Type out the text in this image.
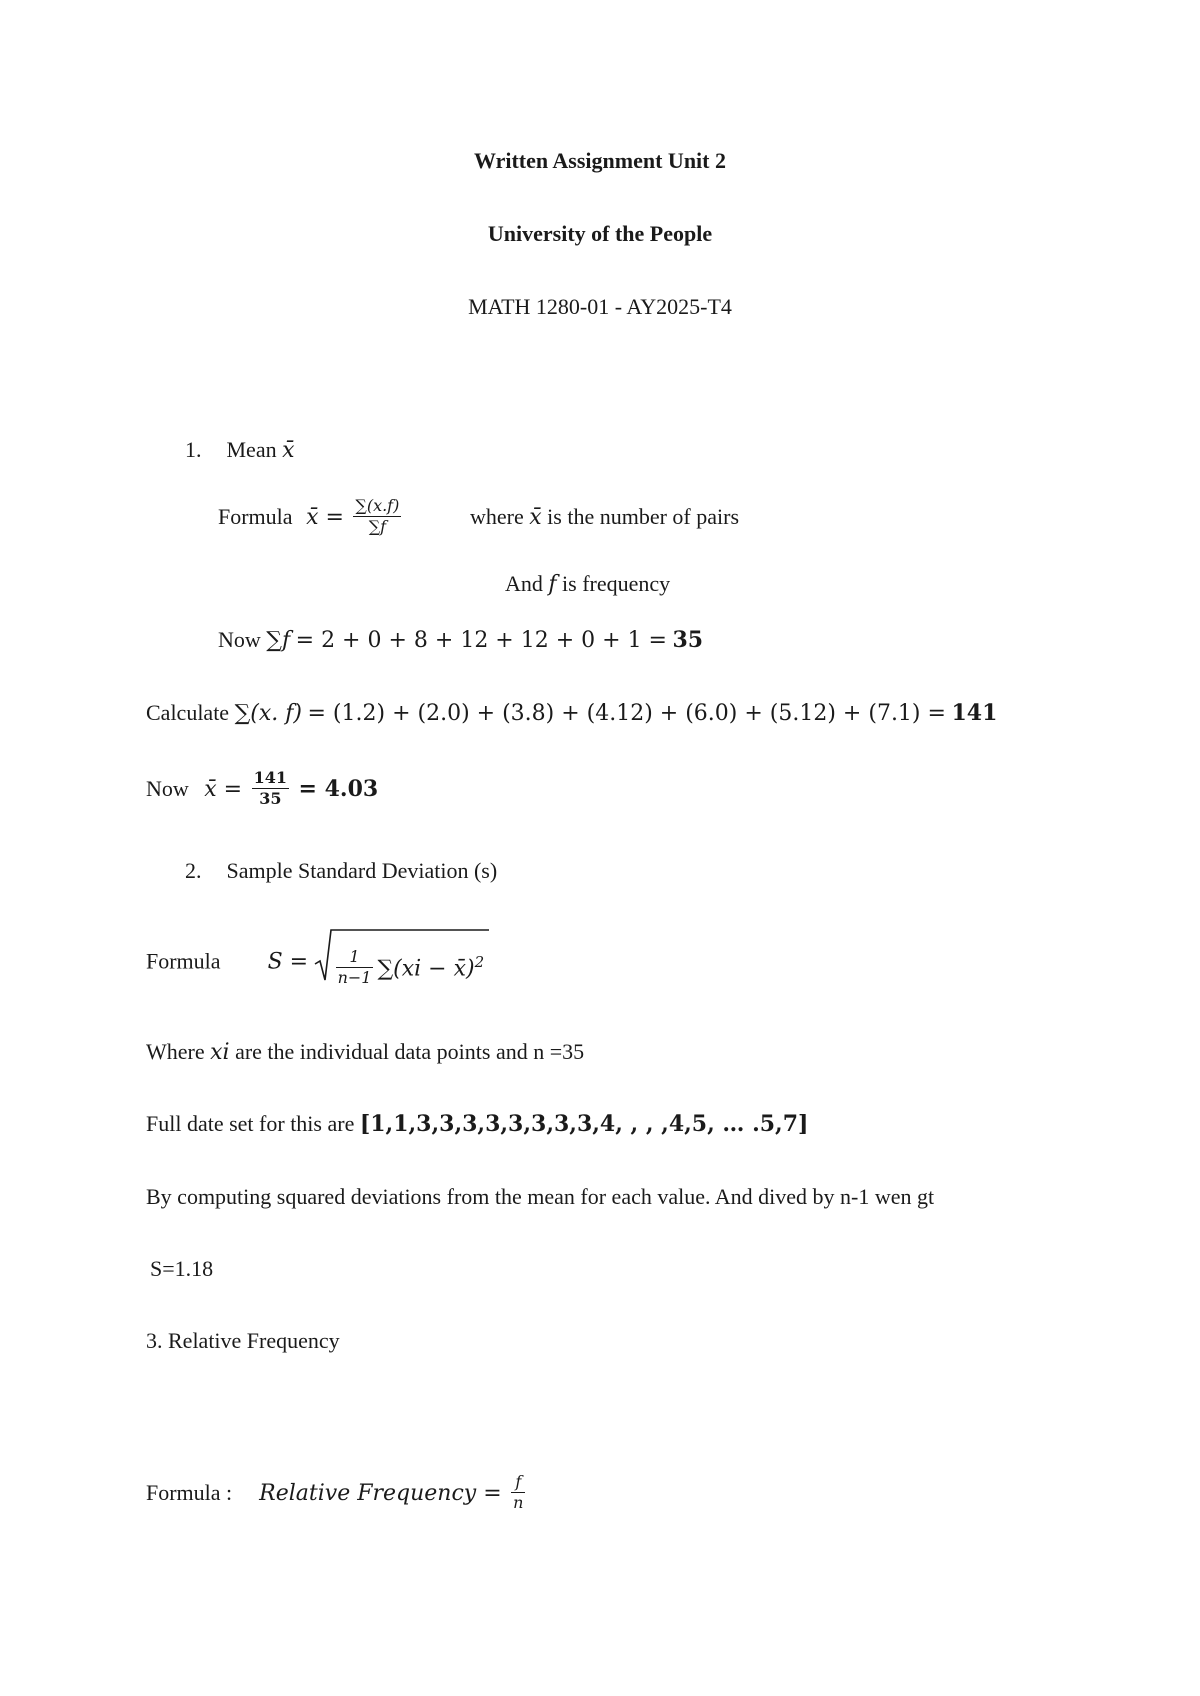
Written Assignment Unit 2
University of the People
MATH 1280-01 - AY2025-T4
1. Mean x̄
Formula x̄ = $\frac{\sum(x.f)}{\sum f}$	where x̄ is the number of pairs
And f is frequency
Now ∑f = 2 + 0 + 8 + 12 + 12 + 0 + 1 = 35
Calculate ∑(x. f) = (1.2) + (2.0) + (3.8) + (4.12) + (6.0) + (5.12) + (7.1) = 141
Now x̄ = $\frac{141}{35} = 4.03$
2. Sample Standard Deviation (s)
Formula $S = \frac{1}{n-1} \sum(xi$ − x̄)$^2$
Where xi are the individual data points and n =35
Full date set for this are [1,1,3,3,3,3,3,3,3,3,4, , , ,4,5, … .5,7]
By computing squared deviations from the mean for each value. And dived by n-1 wen gt
S=1.18
3. Relative Frequency
Formula : Relative Frequency = $\frac{f}{n}$
